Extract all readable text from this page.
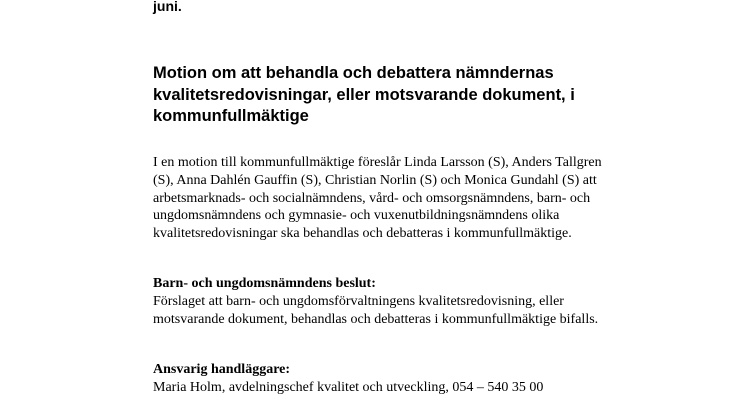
juni.

Motion om att behandla och debattera nämndernas kvalitetsredovisningar, eller motsvarande dokument, i kommunfullmäktige

I en motion till kommunfullmäktige föreslår Linda Larsson (S), Anders Tallgren (S), Anna Dahlén Gauffin (S), Christian Norlin (S) och Monica Gundahl (S) att arbetsmarknads- och socialnämndens, vård- och omsorgsnämndens, barn- och ungdomsnämndens och gymnasie- och vuxenutbildningsnämndens olika kvalitetsredovisningar ska behandlas och debatteras i kommunfullmäktige.

Barn- och ungdomsnämndens beslut:

Förslaget att barn- och ungdomsförvaltningens kvalitetsredovisning, eller motsvarande dokument, behandlas och debatteras i kommunfullmäktige bifalls.

Ansvarig handläggare:

Maria Holm, avdelningschef kvalitet och utveckling, 054 – 540 35 00
